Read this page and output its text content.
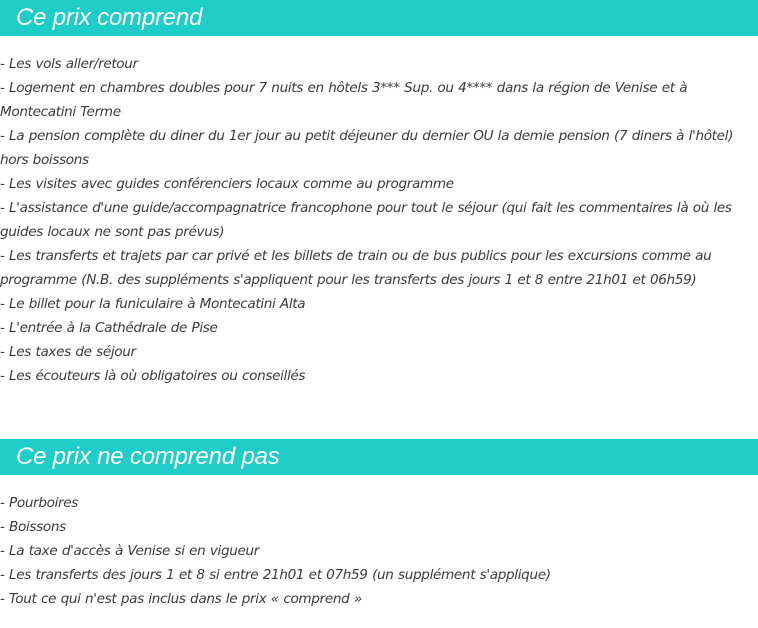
Ce prix comprend
- Les vols aller/retour
- Logement en chambres doubles pour 7 nuits en hôtels 3*** Sup. ou 4**** dans la région de Venise et à Montecatini Terme
- La pension complète du diner du 1er jour au petit déjeuner du dernier OU la demie pension (7 diners à l'hôtel) hors boissons
- Les visites avec guides conférenciers locaux comme au programme
- L'assistance d'une guide/accompagnatrice francophone pour tout le séjour (qui fait les commentaires là où les guides locaux ne sont pas prévus)
- Les transferts et trajets par car privé et les billets de train ou de bus publics pour les excursions comme au programme (N.B. des suppléments s'appliquent pour les transferts des jours 1 et 8 entre 21h01 et 06h59)
- Le billet pour la funiculaire à Montecatini Alta
- L'entrée à la Cathédrale de Pise
- Les taxes de séjour
- Les écouteurs là où obligatoires ou conseillés
Ce prix ne comprend pas
- Pourboires
- Boissons
- La taxe d'accès à Venise si en vigueur
- Les transferts des jours 1 et 8 si entre 21h01 et 07h59 (un supplément s'applique)
- Tout ce qui n'est pas inclus dans le prix « comprend »
